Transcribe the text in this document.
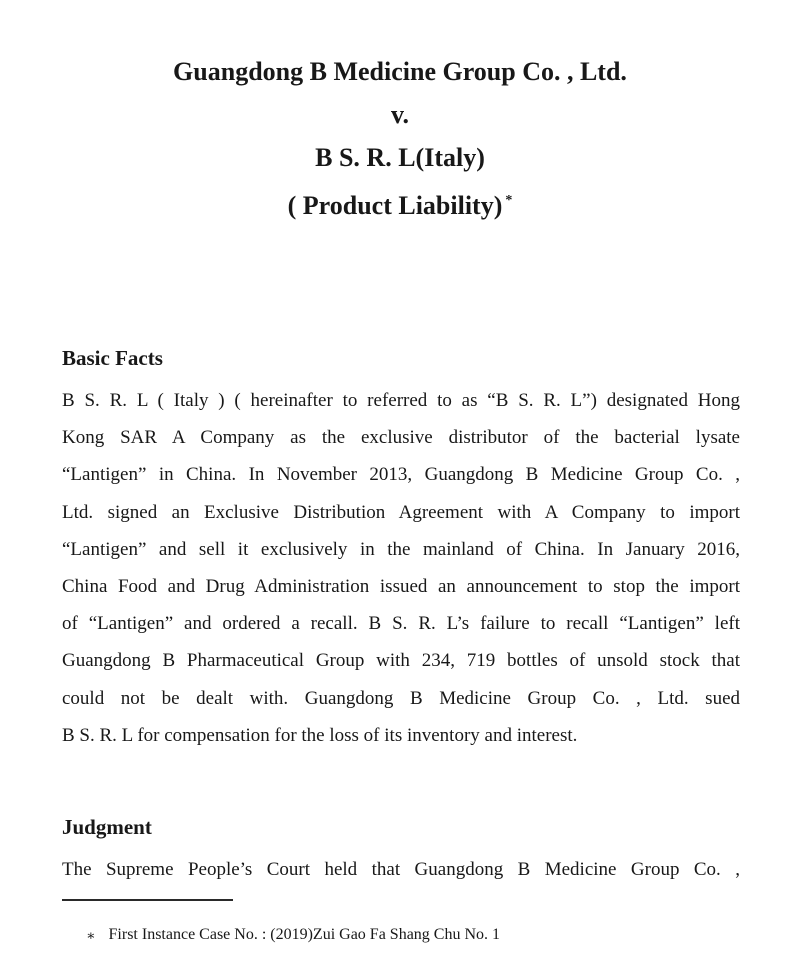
Guangdong B Medicine Group Co. , Ltd.
v.
B S. R. L(Italy)
( Product Liability) *
Basic Facts
B S. R. L ( Italy ) ( hereinafter to referred to as “B S. R. L”) designated Hong
Kong SAR A Company as the exclusive distributor of the bacterial lysate
“Lantigen” in China. In November 2013, Guangdong B Medicine Group Co. ,
Ltd. signed an Exclusive Distribution Agreement with A Company to import
“Lantigen” and sell it exclusively in the mainland of China. In January 2016,
China Food and Drug Administration issued an announcement to stop the import
of “Lantigen” and ordered a recall. B S. R. L’s failure to recall “Lantigen” left
Guangdong B Pharmaceutical Group with 234, 719 bottles of unsold stock that
could not be dealt with. Guangdong B Medicine Group Co. , Ltd. sued
B S. R. L for compensation for the loss of its inventory and interest.
Judgment
The Supreme People’s Court held that Guangdong B Medicine Group Co. ,
∗ First Instance Case No. : (2019)Zui Gao Fa Shang Chu No. 1
